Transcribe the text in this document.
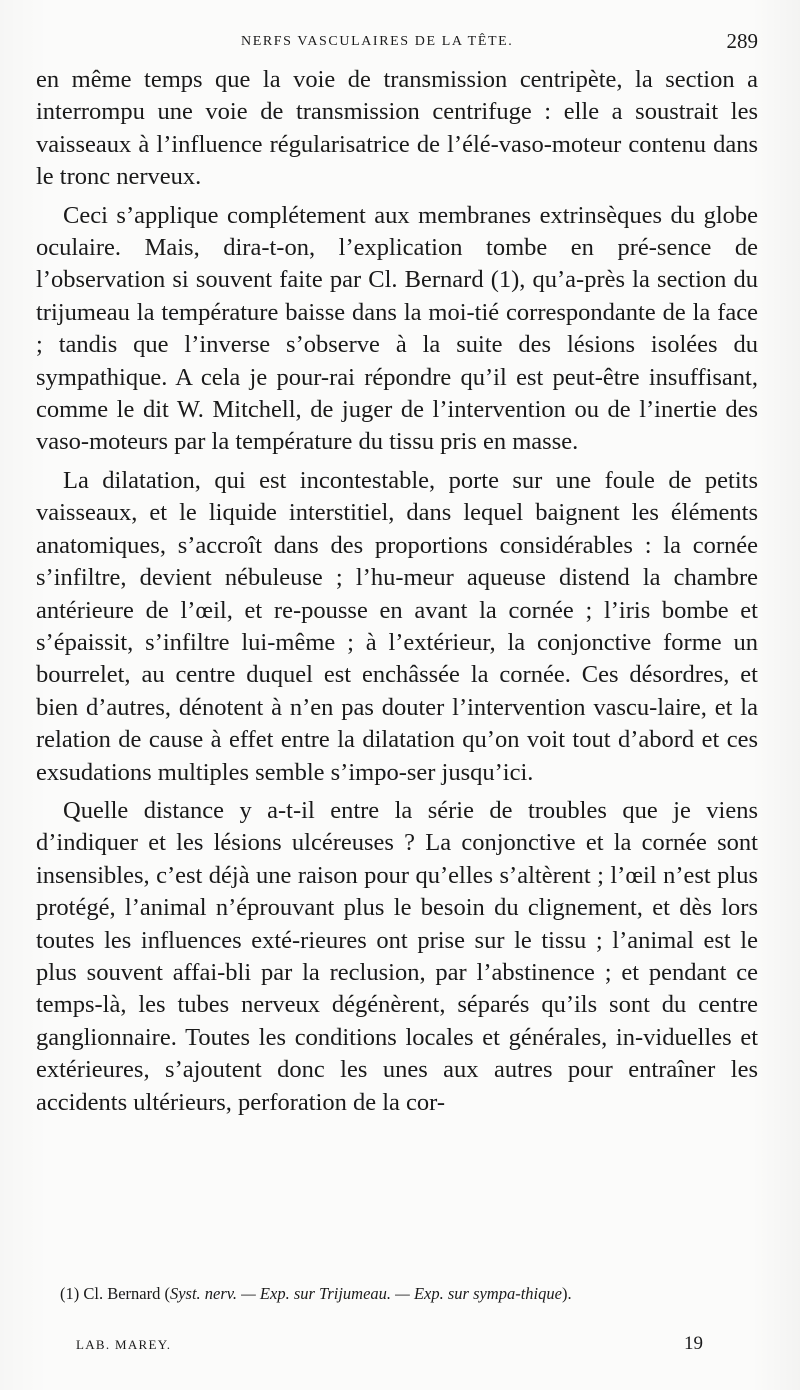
NERFS VASCULAIRES DE LA TÊTE.	289

en même temps que la voie de transmission centripète, la section a interrompu une voie de transmission centrifuge : elle a soustrait les vaisseaux à l’influence régularisatrice de l’élé-vaso-moteur contenu dans le tronc nerveux.

Ceci s’applique complétement aux membranes extrinsèques du globe oculaire. Mais, dira-t-on, l’explication tombe en pré-sence de l’observation si souvent faite par Cl. Bernard (1), qu’a-près la section du trijumeau la température baisse dans la moi-tié correspondante de la face ; tandis que l’inverse s’observe à la suite des lésions isolées du sympathique. A cela je pour-rai répondre qu’il est peut-être insuffisant, comme le dit W. Mitchell, de juger de l’intervention ou de l’inertie des vaso-moteurs par la température du tissu pris en masse.

La dilatation, qui est incontestable, porte sur une foule de petits vaisseaux, et le liquide interstitiel, dans lequel baignent les éléments anatomiques, s’accroît dans des proportions considérables : la cornée s’infiltre, devient nébuleuse ; l’hu-meur aqueuse distend la chambre antérieure de l’œil, et re-pousse en avant la cornée ; l’iris bombe et s’épaissit, s’infiltre lui-même ; à l’extérieur, la conjonctive forme un bourrelet, au centre duquel est enchâssée la cornée. Ces désordres, et bien d’autres, dénotent à n’en pas douter l’intervention vascu-laire, et la relation de cause à effet entre la dilatation qu’on voit tout d’abord et ces exsudations multiples semble s’impo-ser jusqu’ici.

Quelle distance y a-t-il entre la série de troubles que je viens d’indiquer et les lésions ulcéreuses ? La conjonctive et la cornée sont insensibles, c’est déjà une raison pour qu’elles s’altèrent ; l’œil n’est plus protégé, l’animal n’éprouvant plus le besoin du clignement, et dès lors toutes les influences exté-rieures ont prise sur le tissu ; l’animal est le plus souvent affai-bli par la reclusion, par l’abstinence ; et pendant ce temps-là, les tubes nerveux dégénèrent, séparés qu’ils sont du centre ganglionnaire. Toutes les conditions locales et générales, in-viduelles et extérieures, s’ajoutent donc les unes aux autres pour entraîner les accidents ultérieurs, perforation de la cor-

(1) Cl. Bernard (Syst. nerv. — Exp. sur Trijumeau. — Exp. sur sympa-thique).

LAB. MAREY.	19
